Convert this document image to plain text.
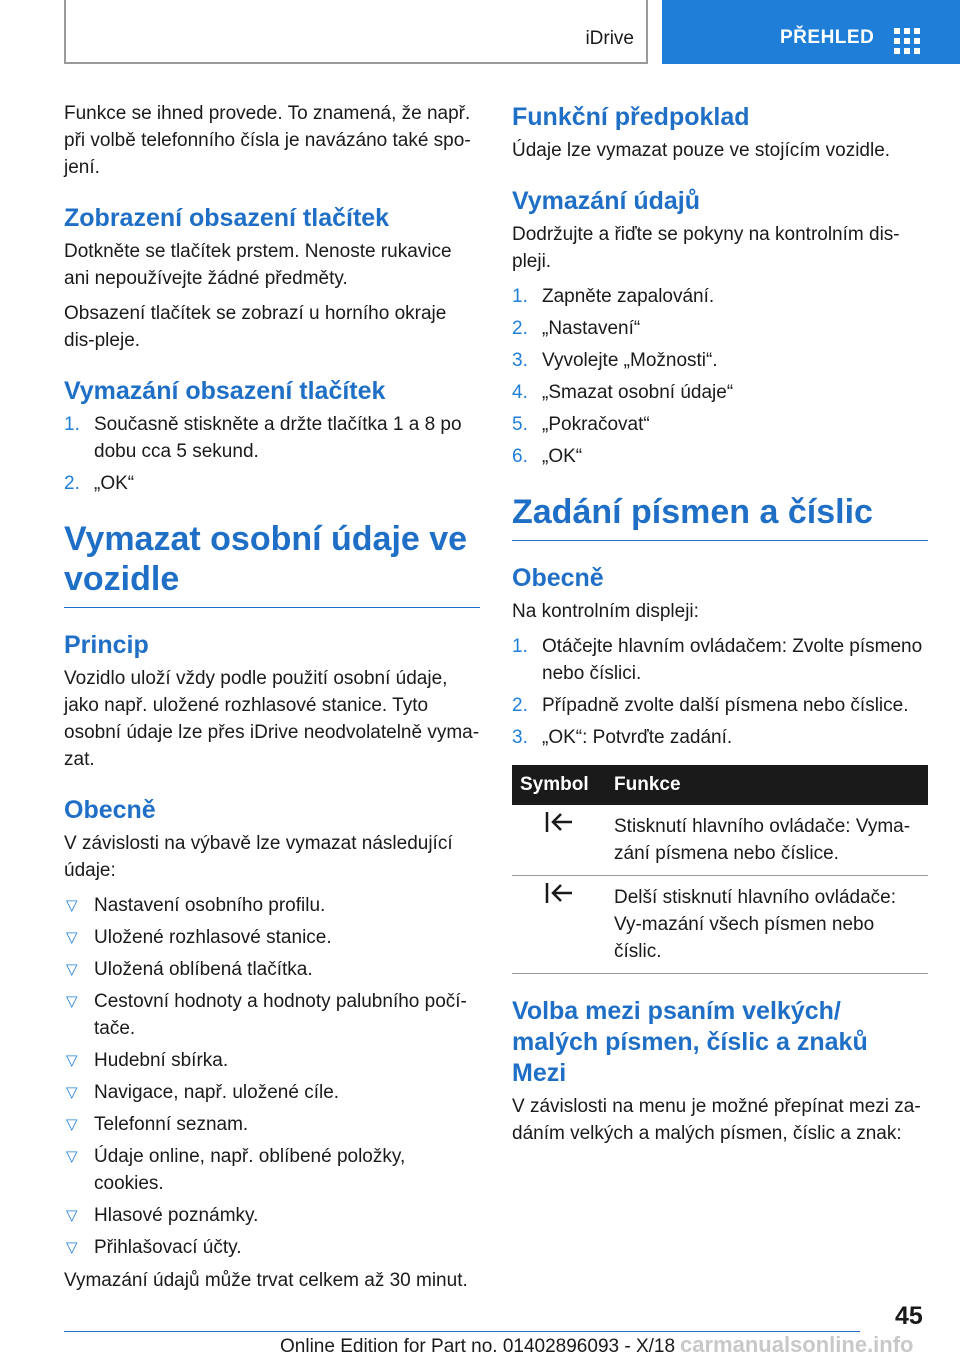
iDrive	PŘEHLED

Funkce se ihned provede. To znamená, že např. při volbě telefonního čísla je navázáno také spo-jení.

Zobrazení obsazení tlačítek

Dotkněte se tlačítek prstem. Nenoste rukavice ani nepoužívejte žádné předměty.

Obsazení tlačítek se zobrazí u horního okraje dis-pleje.

Vymazání obsazení tlačítek
1. Současně stiskněte a držte tlačítka 1 a 8 po dobu cca 5 sekund.
2. „OK“
Vymazat osobní údaje ve vozidle
Princip

Vozidlo uloží vždy podle použití osobní údaje, jako např. uložené rozhlasové stanice. Tyto osobní údaje lze přes iDrive neodvolatelně vyma-zat.

Obecně

V závislosti na výbavě lze vymazat následující údaje:

▽ Nastavení osobního profilu.
▽ Uložené rozhlasové stanice.
▽ Uložená oblíbená tlačítka.
▽ Cestovní hodnoty a hodnoty palubního počí-tače.
▽ Hudební sbírka.
▽ Navigace, např. uložené cíle.
▽ Telefonní seznam.
▽ Údaje online, např. oblíbené položky, cookies.
▽ Hlasové poznámky.
▽ Přihlašovací účty.

Vymazání údajů může trvat celkem až 30 minut.

Funkční předpoklad

Údaje lze vymazat pouze ve stojícím vozidle.

Vymazání údajů

Dodržujte a řiďte se pokyny na kontrolním dis-pleji.

1. Zapněte zapalování.
2. „Nastavení“
3. Vyvolejte „Možnosti“.
4. „Smazat osobní údaje“
5. „Pokračovat“
6. „OK“
Zadání písmen a číslic
Obecně

Na kontrolním displeji:

1. Otáčejte hlavním ovládačem: Zvolte písmeno nebo číslici.
2. Případně zvolte další písmena nebo číslice.
3. „OK“: Potvrďte zadání.
Symbol	Funkce
	Stisknutí hlavního ovládače: Vyma-zání písmena nebo číslice.
	Delší stisknutí hlavního ovládače: Vy-mazání všech písmen nebo číslic.
Volba mezi psaním velkých/ malých písmen, číslic a znaků Mezi

V závislosti na menu je možné přepínat mezi za-dáním velkých a malých písmen, číslic a znak:

45
Online Edition for Part no. 01402896093 - X/18 carmanualsonline.info
